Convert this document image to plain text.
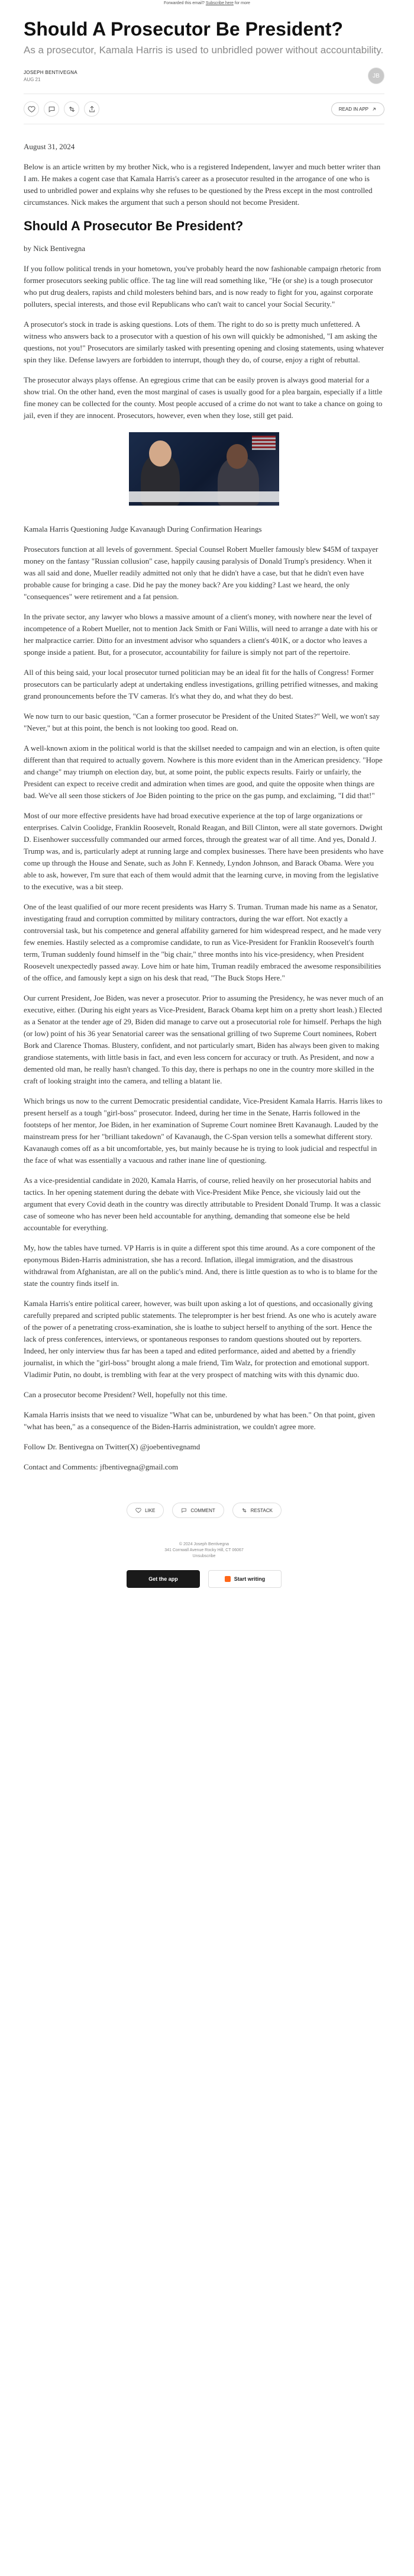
Forwarded this email? Subscribe here for more
Should A Prosecutor Be President?
As a prosecutor, Kamala Harris is used to unbridled power without accountability.
JOSEPH BENTIVEGNA
AUG 21
JB
READ IN APP

August 31, 2024

Below is an article written by my brother Nick, who is a registered Independent, lawyer and much better writer than I am. He makes a cogent case that Kamala Harris's career as a prosecutor resulted in the arrogance of one who is used to unbridled power and explains why she refuses to be questioned by the Press except in the most controlled circumstances. Nick makes the argument that such a person should not become President.

Should A Prosecutor Be President?

by Nick Bentivegna

If you follow political trends in your hometown, you've probably heard the now fashionable campaign rhetoric from former prosecutors seeking public office. The tag line will read something like, "He (or she) is a tough prosecutor who put drug dealers, rapists and child molesters behind bars, and is now ready to fight for you, against corporate polluters, special interests, and those evil Republicans who can't wait to cancel your Social Security."

A prosecutor's stock in trade is asking questions. Lots of them. The right to do so is pretty much unfettered. A witness who answers back to a prosecutor with a question of his own will quickly be admonished, "I am asking the questions, not you!" Prosecutors are similarly tasked with presenting opening and closing statements, using whatever spin they like. Defense lawyers are forbidden to interrupt, though they do, of course, enjoy a right of rebuttal.

The prosecutor always plays offense. An egregious crime that can be easily proven is always good material for a show trial. On the other hand, even the most marginal of cases is usually good for a plea bargain, especially if a little fine money can be collected for the county. Most people accused of a crime do not want to take a chance on going to jail, even if they are innocent. Prosecutors, however, even when they lose, still get paid.

Kamala Harris Questioning Judge Kavanaugh During Confirmation Hearings

Prosecutors function at all levels of government. Special Counsel Robert Mueller famously blew $45M of taxpayer money on the fantasy "Russian collusion" case, happily causing paralysis of Donald Trump's presidency. When it was all said and done, Mueller readily admitted not only that he didn't have a case, but that he didn't even have probable cause for bringing a case. Did he pay the money back? Are you kidding? Last we heard, the only "consequences" were retirement and a fat pension.

In the private sector, any lawyer who blows a massive amount of a client's money, with nowhere near the level of incompetence of a Robert Mueller, not to mention Jack Smith or Fani Willis, will need to arrange a date with his or her malpractice carrier. Ditto for an investment advisor who squanders a client's 401K, or a doctor who leaves a sponge inside a patient. But, for a prosecutor, accountability for failure is simply not part of the repertoire.

All of this being said, your local prosecutor turned politician may be an ideal fit for the halls of Congress! Former prosecutors can be particularly adept at undertaking endless investigations, grilling petrified witnesses, and making grand pronouncements before the TV cameras. It's what they do, and what they do best.

We now turn to our basic question, "Can a former prosecutor be President of the United States?" Well, we won't say "Never," but at this point, the bench is not looking too good. Read on.

A well-known axiom in the political world is that the skillset needed to campaign and win an election, is often quite different than that required to actually govern. Nowhere is this more evident than in the American presidency. "Hope and change" may triumph on election day, but, at some point, the public expects results. Fairly or unfairly, the President can expect to receive credit and admiration when times are good, and quite the opposite when things are bad. We've all seen those stickers of Joe Biden pointing to the price on the gas pump, and exclaiming, "I did that!"

Most of our more effective presidents have had broad executive experience at the top of large organizations or enterprises. Calvin Coolidge, Franklin Roosevelt, Ronald Reagan, and Bill Clinton, were all state governors. Dwight D. Eisenhower successfully commanded our armed forces, through the greatest war of all time. And yes, Donald J. Trump was, and is, particularly adept at running large and complex businesses. There have been presidents who have come up through the House and Senate, such as John F. Kennedy, Lyndon Johnson, and Barack Obama. Were you able to ask, however, I'm sure that each of them would admit that the learning curve, in moving from the legislative to the executive, was a bit steep.

One of the least qualified of our more recent presidents was Harry S. Truman. Truman made his name as a Senator, investigating fraud and corruption committed by military contractors, during the war effort. Not exactly a controversial task, but his competence and general affability garnered for him widespread respect, and he made very few enemies. Hastily selected as a compromise candidate, to run as Vice-President for Franklin Roosevelt's fourth term, Truman suddenly found himself in the "big chair," three months into his vice-presidency, when President Roosevelt unexpectedly passed away. Love him or hate him, Truman readily embraced the awesome responsibilities of the office, and famously kept a sign on his desk that read, "The Buck Stops Here."

Our current President, Joe Biden, was never a prosecutor. Prior to assuming the Presidency, he was never much of an executive, either. (During his eight years as Vice-President, Barack Obama kept him on a pretty short leash.) Elected as a Senator at the tender age of 29, Biden did manage to carve out a prosecutorial role for himself. Perhaps the high (or low) point of his 36 year Senatorial career was the sensational grilling of two Supreme Court nominees, Robert Bork and Clarence Thomas. Blustery, confident, and not particularly smart, Biden has always been given to making grandiose statements, with little basis in fact, and even less concern for accuracy or truth. As President, and now a demented old man, he really hasn't changed. To this day, there is perhaps no one in the country more skilled in the craft of looking straight into the camera, and telling a blatant lie.

Which brings us now to the current Democratic presidential candidate, Vice-President Kamala Harris. Harris likes to present herself as a tough "girl-boss" prosecutor. Indeed, during her time in the Senate, Harris followed in the footsteps of her mentor, Joe Biden, in her examination of Supreme Court nominee Brett Kavanaugh. Lauded by the mainstream press for her "brilliant takedown" of Kavanaugh, the C-Span version tells a somewhat different story. Kavanaugh comes off as a bit uncomfortable, yes, but mainly because he is trying to look judicial and respectful in the face of what was essentially a vacuous and rather inane line of questioning.

As a vice-presidential candidate in 2020, Kamala Harris, of course, relied heavily on her prosecutorial habits and tactics. In her opening statement during the debate with Vice-President Mike Pence, she viciously laid out the argument that every Covid death in the country was directly attributable to President Donald Trump. It was a classic case of someone who has never been held accountable for anything, demanding that someone else be held accountable for everything.

My, how the tables have turned. VP Harris is in quite a different spot this time around. As a core component of the eponymous Biden-Harris administration, she has a record. Inflation, illegal immigration, and the disastrous withdrawal from Afghanistan, are all on the public's mind. And, there is little question as to who is to blame for the state the country finds itself in.

Kamala Harris's entire political career, however, was built upon asking a lot of questions, and occasionally giving carefully prepared and scripted public statements. The teleprompter is her best friend. As one who is acutely aware of the power of a penetrating cross-examination, she is loathe to subject herself to anything of the sort. Hence the lack of press conferences, interviews, or spontaneous responses to random questions shouted out by reporters. Indeed, her only interview thus far has been a taped and edited performance, aided and abetted by a friendly journalist, in which the "girl-boss" brought along a male friend, Tim Walz, for protection and emotional support. Vladimir Putin, no doubt, is trembling with fear at the very prospect of matching wits with this dynamic duo.

Can a prosecutor become President? Well, hopefully not this time.

Kamala Harris insists that we need to visualize "What can be, unburdened by what has been." On that point, given "what has been," as a consequence of the Biden-Harris administration, we couldn't agree more.

Follow Dr. Bentivegna on Twitter(X) @joebentivegnamd

Contact and Comments: jfbentivegna@gmail.com

LIKE	COMMENT	RESTACK
© 2024 Joseph Bentivegna
341 Cornwall Avenue Rocky Hill, CT 06067
Unsubscribe
Get the app	Start writing
